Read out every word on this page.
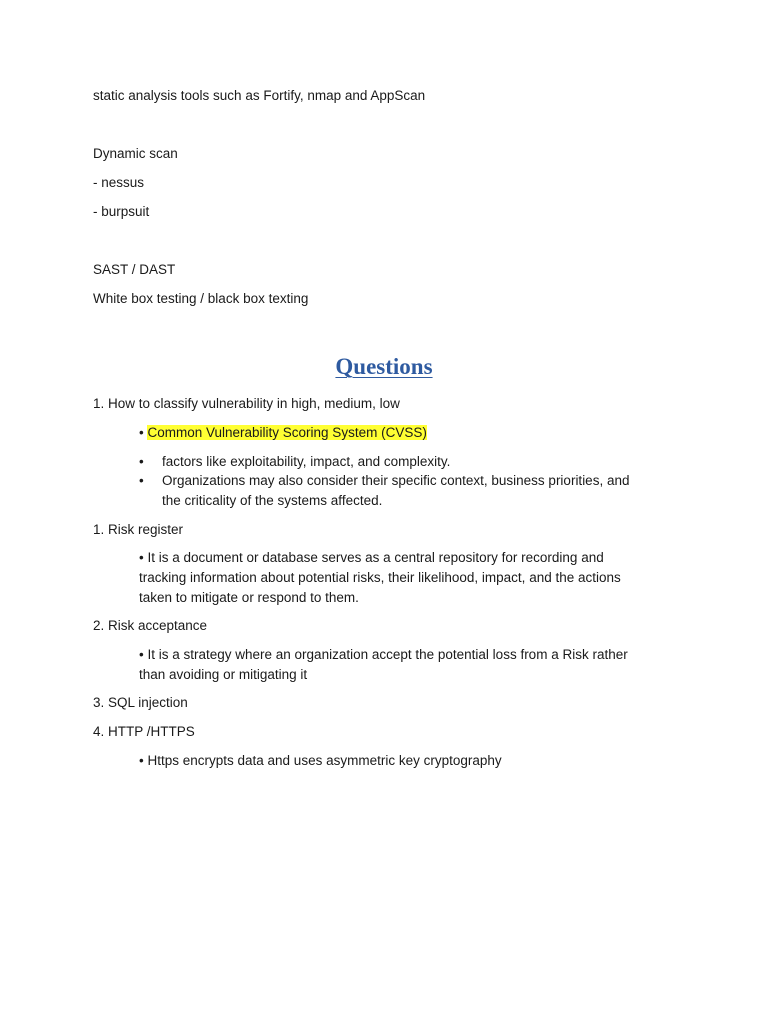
static analysis tools such as Fortify, nmap and AppScan
Dynamic scan
- nessus
- burpsuit
SAST / DAST
White box testing / black box texting
Questions
1. How to classify vulnerability in high, medium, low
• Common Vulnerability Scoring System (CVSS)
• factors like exploitability, impact, and complexity.
• Organizations may also consider their specific context, business priorities, and
the criticality of the systems affected.
1. Risk register
• It is a document or database serves as a central repository for recording and
tracking information about potential risks, their likelihood, impact, and the actions
taken to mitigate or respond to them.
2. Risk acceptance
• It is a strategy where an organization accept the potential loss from a Risk rather
than avoiding or mitigating it
3. SQL injection
4. HTTP /HTTPS
• Https encrypts data and uses asymmetric key cryptography
